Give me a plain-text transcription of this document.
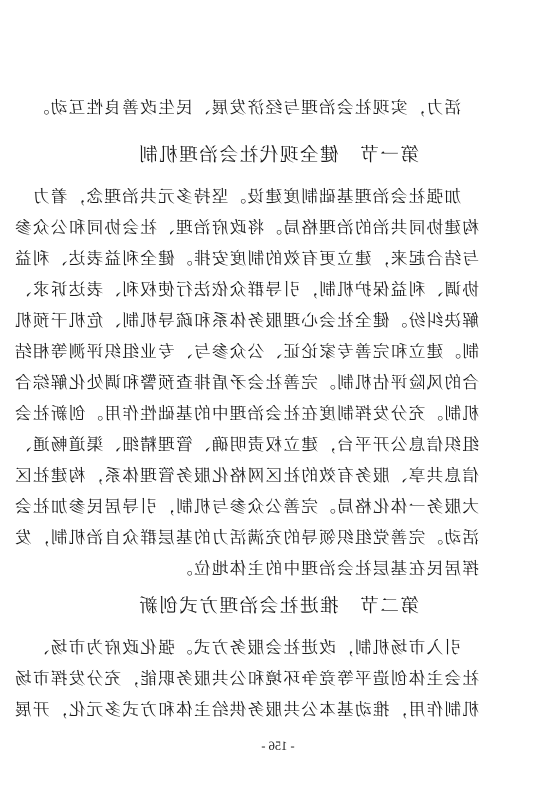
活力，实现社会治理与经济发展、民生改善良性互动。
第一节　健全现代社会治理机制
加强社会治理基础制度建设。坚持多元共治理念，着力
构建协同共治的治理格局。将政府治理、社会协同和公众参
与结合起来，建立更有效的制度安排。健全利益表达、利益
协调、利益保护机制，引导群众依法行使权利、表达诉求、
解决纠纷。健全社会心理服务体系和疏导机制、危机干预机
制。建立和完善专家论证、公众参与、专业组织评测等相结
合的风险评估机制。完善社会矛盾排查预警和调处化解综合
机制。充分发挥制度在社会治理中的基础性作用。创新社会
组织信息公开平台，建立权责明确、管理精细、渠道畅通、
信息共享、服务有效的社区网格化服务管理体系，构建社区
大服务一体化格局。完善公众参与机制，引导居民参加社会
活动。完善党组织领导的充满活力的基层群众自治机制，发
挥居民在基层社会治理中的主体地位。
第二节　推进社会治理方式创新
引入市场机制，改进社会服务方式。强化政府为市场、
社会主体创造平等竞争环境和公共服务职能，充分发挥市场
机制作用，推动基本公共服务供给主体和方式多元化，开展
- 156 -
